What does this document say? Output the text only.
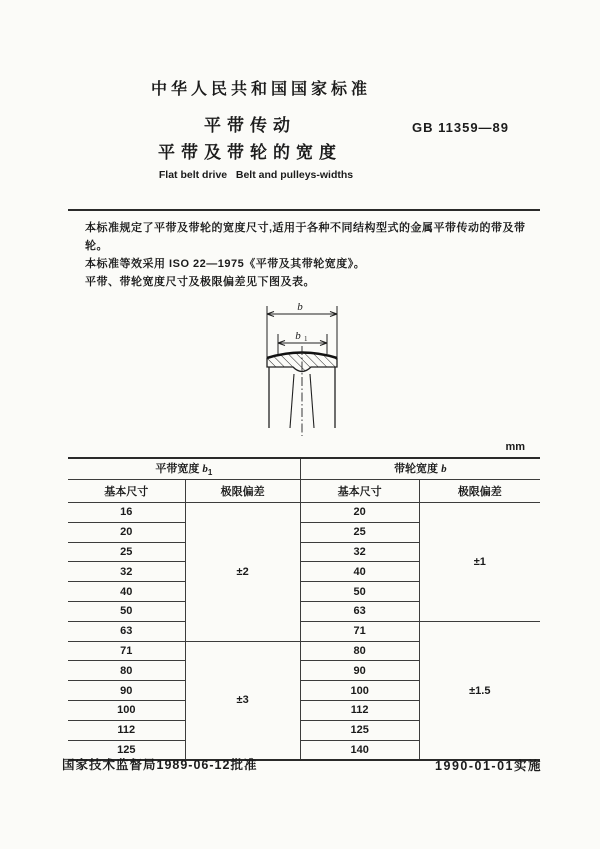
中华人民共和国国家标准
平带传动
平带及带轮的宽度
GB 11359—89
Flat belt drive   Belt and pulleys-widths
本标准规定了平带及带轮的宽度尺寸,适用于各种不同结构型式的金属平带传动的带及带轮。
本标准等效采用 ISO 22—1975《平带及其带轮宽度》。
平带、带轮宽度尺寸及极限偏差见下图及表。
b
b 1
mm
平带宽度 $b_1$		带轮宽度 b	
基本尺寸	极限偏差	基本尺寸	极限偏差
16	±2	20	±1
20		25	
25		32	
32		40	
40		50	
50		63	
63		71	±1.5
71	±3	80	
80		90	
90		100	
100		112	
112		125	
125		140	
国家技术监督局1989-06-12批准	1990-01-01实施
